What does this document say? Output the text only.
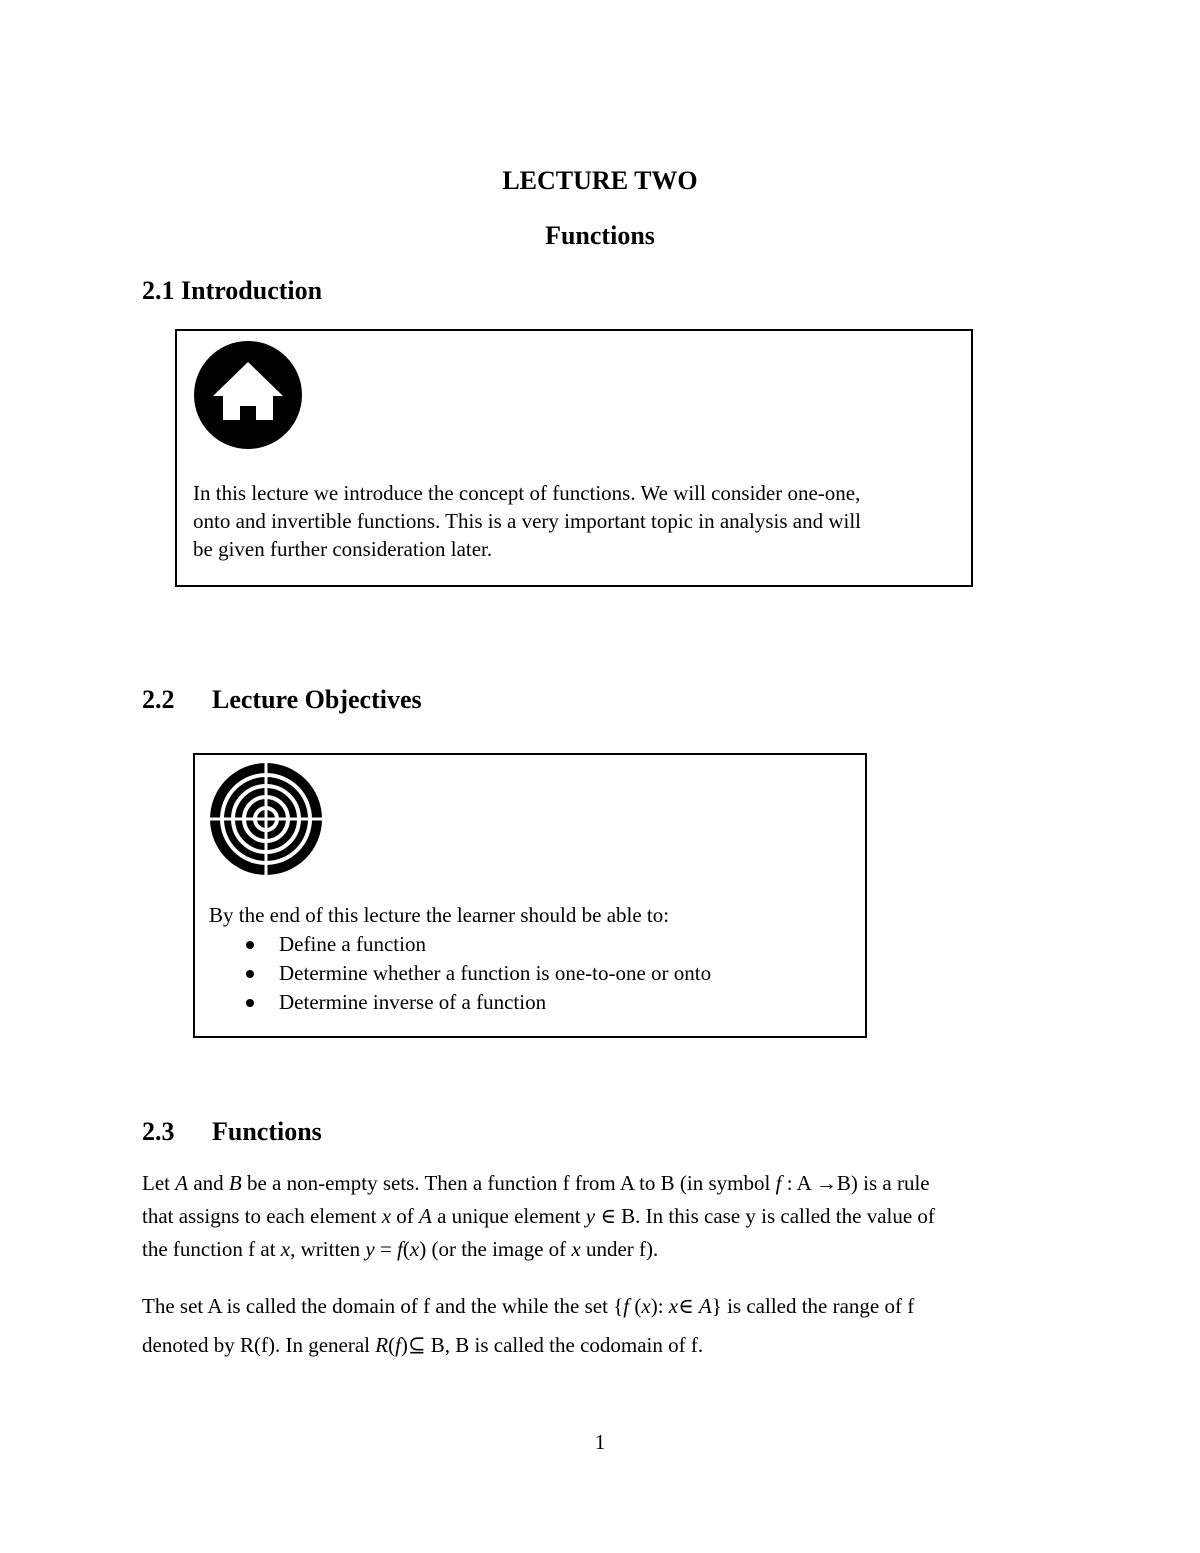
LECTURE TWO
Functions
2.1 Introduction
In this lecture we introduce the concept of functions. We will consider one-one,
onto and invertible functions. This is a very important topic in analysis and will
be given further consideration later.
2.2 Lecture Objectives
By the end of this lecture the learner should be able to:
Define a function
Determine whether a function is one-to-one or onto
Determine inverse of a function
2.3 Functions
Let A and B be a non-empty sets. Then a function f from A to B (in symbol f : A →B) is a rule
that assigns to each element x of A a unique element y ∈ B. In this case y is called the value of
the function f at x, written y = f(x) (or the image of x under f).
The set A is called the domain of f and the while the set {f (x): x∈ A} is called the range of f
denoted by R(f). In general R(f)⊆ B, B is called the codomain of f.
1
